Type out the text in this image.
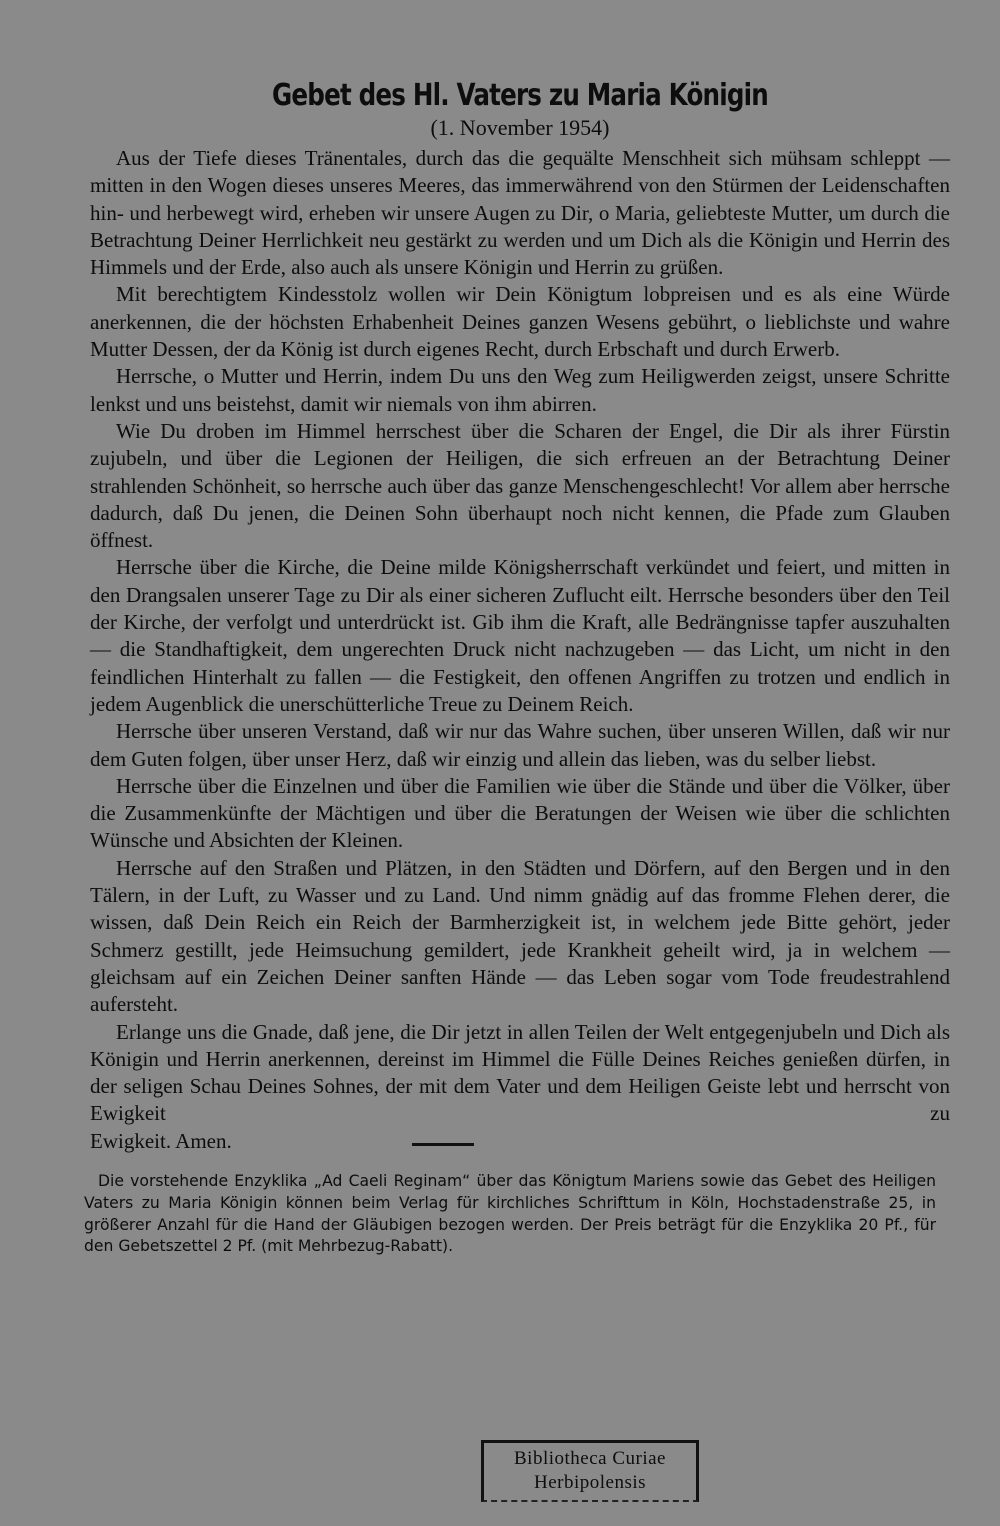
Gebet des Hl. Vaters zu Maria Königin
(1. November 1954)

Aus der Tiefe dieses Tränentales, durch das die gequälte Menschheit sich mühsam schleppt — mitten in den Wogen dieses unseres Meeres, das immerwährend von den Stürmen der Leidenschaften hin- und herbewegt wird, erheben wir unsere Augen zu Dir, o Maria, geliebteste Mutter, um durch die Betrachtung Deiner Herrlichkeit neu gestärkt zu werden und um Dich als die Königin und Herrin des Himmels und der Erde, also auch als unsere Königin und Herrin zu grüßen.

Mit berechtigtem Kindesstolz wollen wir Dein Königtum lobpreisen und es als eine Würde anerkennen, die der höchsten Erhabenheit Deines ganzen Wesens gebührt, o lieblichste und wahre Mutter Dessen, der da König ist durch eigenes Recht, durch Erbschaft und durch Erwerb.

Herrsche, o Mutter und Herrin, indem Du uns den Weg zum Heiligwerden zeigst, unsere Schritte lenkst und uns beistehst, damit wir niemals von ihm abirren.

Wie Du droben im Himmel herrschest über die Scharen der Engel, die Dir als ihrer Fürstin zujubeln, und über die Legionen der Heiligen, die sich erfreuen an der Betrachtung Deiner strahlenden Schönheit, so herrsche auch über das ganze Menschengeschlecht! Vor allem aber herrsche dadurch, daß Du jenen, die Deinen Sohn überhaupt noch nicht kennen, die Pfade zum Glauben öffnest.

Herrsche über die Kirche, die Deine milde Königsherrschaft verkündet und feiert, und mitten in den Drangsalen unserer Tage zu Dir als einer sicheren Zuflucht eilt. Herrsche besonders über den Teil der Kirche, der verfolgt und unterdrückt ist. Gib ihm die Kraft, alle Bedrängnisse tapfer auszuhalten — die Standhaftigkeit, dem ungerechten Druck nicht nachzugeben — das Licht, um nicht in den feindlichen Hinterhalt zu fallen — die Festigkeit, den offenen Angriffen zu trotzen und endlich in jedem Augenblick die unerschütterliche Treue zu Deinem Reich.

Herrsche über unseren Verstand, daß wir nur das Wahre suchen, über unseren Willen, daß wir nur dem Guten folgen, über unser Herz, daß wir einzig und allein das lieben, was du selber liebst.

Herrsche über die Einzelnen und über die Familien wie über die Stände und über die Völker, über die Zusammenkünfte der Mächtigen und über die Beratungen der Weisen wie über die schlichten Wünsche und Absichten der Kleinen.

Herrsche auf den Straßen und Plätzen, in den Städten und Dörfern, auf den Bergen und in den Tälern, in der Luft, zu Wasser und zu Land. Und nimm gnädig auf das fromme Flehen derer, die wissen, daß Dein Reich ein Reich der Barmherzigkeit ist, in welchem jede Bitte gehört, jeder Schmerz gestillt, jede Heimsuchung gemildert, jede Krankheit geheilt wird, ja in welchem — gleichsam auf ein Zeichen Deiner sanften Hände — das Leben sogar vom Tode freudestrahlend aufersteht.

Erlange uns die Gnade, daß jene, die Dir jetzt in allen Teilen der Welt entgegenjubeln und Dich als Königin und Herrin anerkennen, dereinst im Himmel die Fülle Deines Reiches genießen dürfen, in der seligen Schau Deines Sohnes, der mit dem Vater und dem Heiligen Geiste lebt und herrscht von Ewigkeit zu

Ewigkeit. Amen.
Die vorstehende Enzyklika „Ad Caeli Reginam“ über das Königtum Mariens sowie das Gebet des Heiligen Vaters zu Maria Königin können beim Verlag für kirchliches Schrifttum in Köln, Hochstadenstraße 25, in größerer Anzahl für die Hand der Gläubigen bezogen werden. Der Preis beträgt für die Enzyklika 20 Pf., für den Gebetszettel 2 Pf. (mit Mehrbezug-Rabatt).
Bibliotheca Curiae
Herbipolensis
